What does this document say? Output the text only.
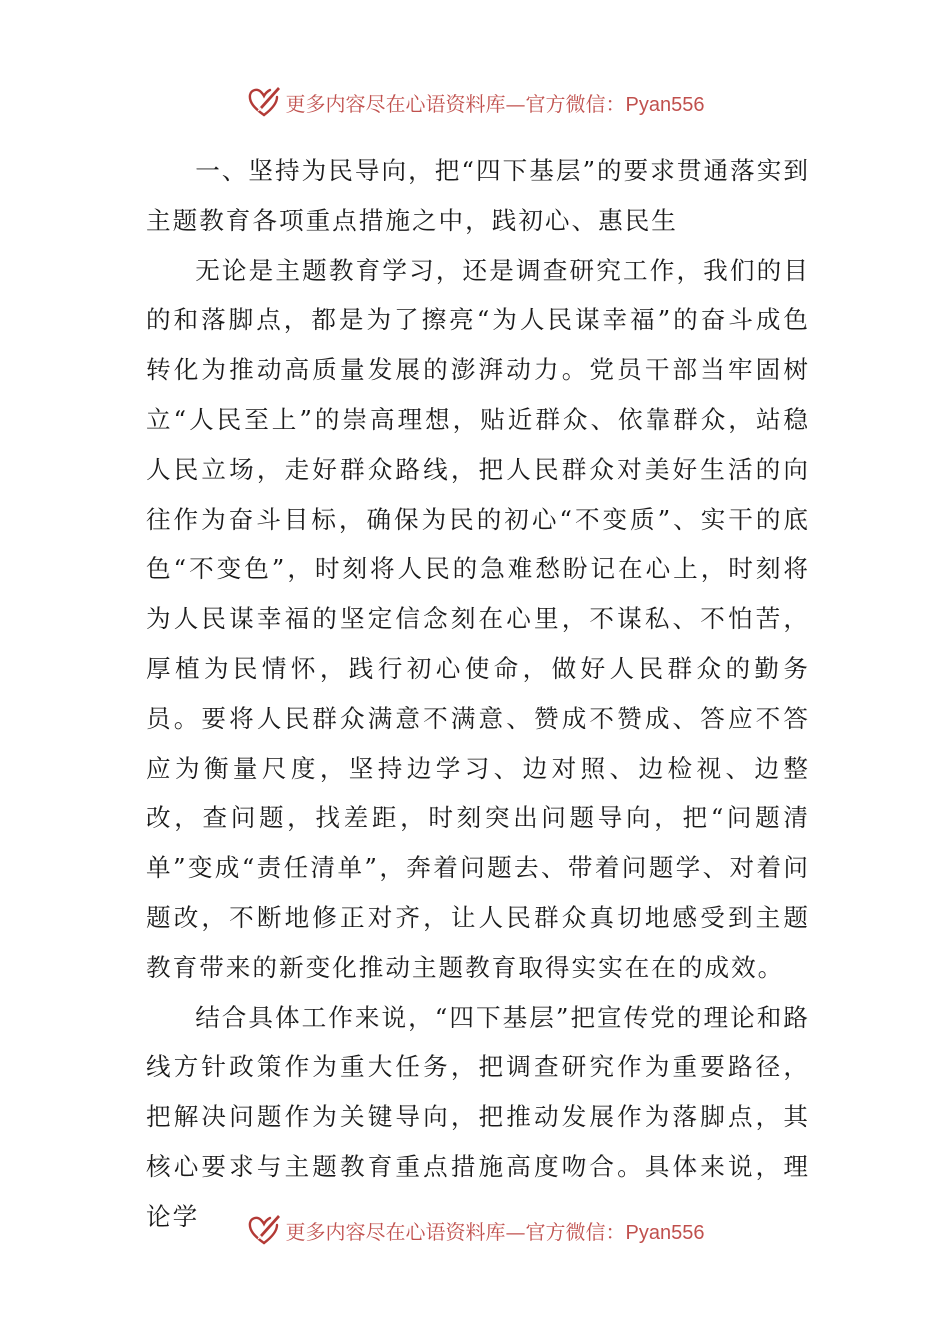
更多内容尽在心语资料库—官方微信：Pyan556

一、坚持为民导向，把“四下基层”的要求贯通落实到主题教育各项重点措施之中，践初心、惠民生

无论是主题教育学习，还是调查研究工作，我们的目的和落脚点，都是为了擦亮“为人民谋幸福”的奋斗成色转化为推动高质量发展的澎湃动力。党员干部当牢固树立“人民至上”的崇高理想，贴近群众、依靠群众，站稳人民立场，走好群众路线，把人民群众对美好生活的向往作为奋斗目标，确保为民的初心“不变质”、实干的底色“不变色”，时刻将人民的急难愁盼记在心上，时刻将为人民谋幸福的坚定信念刻在心里，不谋私、不怕苦，厚植为民情怀，践行初心使命，做好人民群众的勤务员。要将人民群众满意不满意、赞成不赞成、答应不答应为衡量尺度，坚持边学习、边对照、边检视、边整改，查问题，找差距，时刻突出问题导向，把“问题清单”变成“责任清单”，奔着问题去、带着问题学、对着问题改，不断地修正对齐，让人民群众真切地感受到主题教育带来的新变化推动主题教育取得实实在在的成效。

结合具体工作来说，“四下基层”把宣传党的理论和路线方针政策作为重大任务，把调查研究作为重要路径，把解决问题作为关键导向，把推动发展作为落脚点，其核心要求与主题教育重点措施高度吻合。具体来说，理论学

更多内容尽在心语资料库—官方微信：Pyan556
